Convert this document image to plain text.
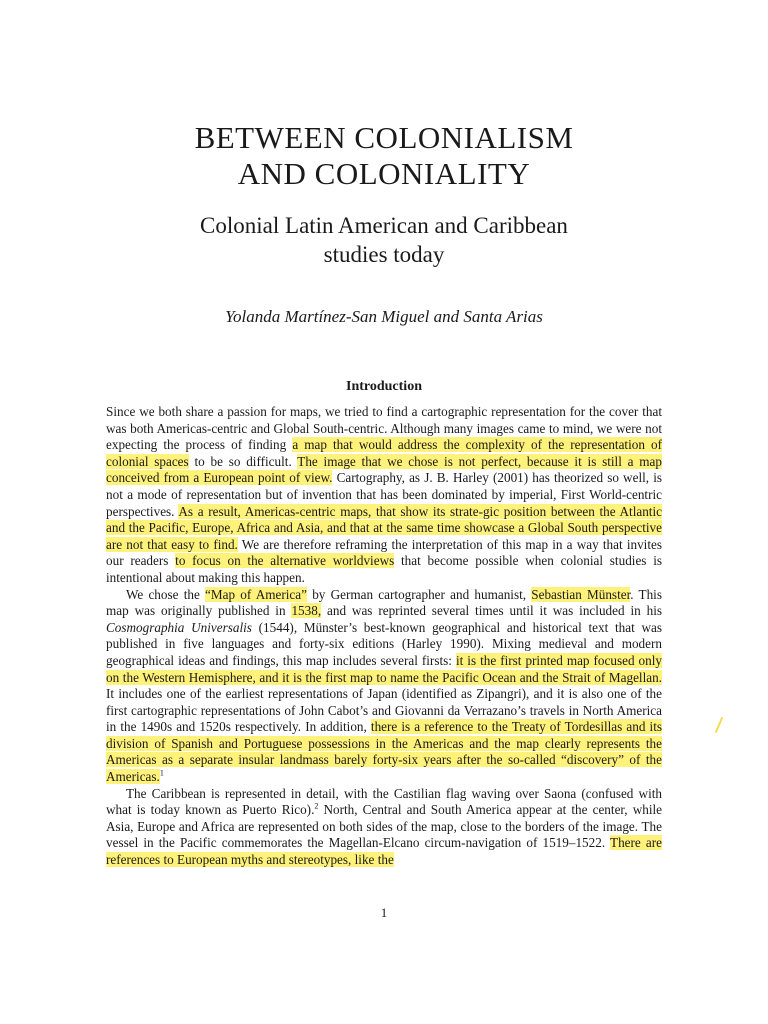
BETWEEN COLONIALISM
AND COLONIALITY
Colonial Latin American and Caribbean
studies today
Yolanda Martínez-San Miguel and Santa Arias
Introduction

Since we both share a passion for maps, we tried to find a cartographic representation for the cover that was both Americas-centric and Global South-centric. Although many images came to mind, we were not expecting the process of finding a map that would address the complexity of the representation of colonial spaces to be so difficult. The image that we chose is not perfect, because it is still a map conceived from a European point of view. Cartography, as J. B. Harley (2001) has theorized so well, is not a mode of representation but of invention that has been dominated by imperial, First World-centric perspectives. As a result, Americas-centric maps, that show its strate-gic position between the Atlantic and the Pacific, Europe, Africa and Asia, and that at the same time showcase a Global South perspective are not that easy to find. We are therefore reframing the interpretation of this map in a way that invites our readers to focus on the alternative worldviews that become possible when colonial studies is intentional about making this happen.

We chose the “Map of America” by German cartographer and humanist, Sebastian Münster. This map was originally published in 1538, and was reprinted several times until it was included in his Cosmographia Universalis (1544), Münster’s best-known geographical and historical text that was published in five languages and forty-six editions (Harley 1990). Mixing medieval and modern geographical ideas and findings, this map includes several firsts: it is the first printed map focused only on the Western Hemisphere, and it is the first map to name the Pacific Ocean and the Strait of Magellan. It includes one of the earliest representations of Japan (identified as Zipangri), and it is also one of the first cartographic representations of John Cabot’s and Giovanni da Verrazano’s travels in North America in the 1490s and 1520s respectively. In addition, there is a reference to the Treaty of Tordesillas and its division of Spanish and Portuguese possessions in the Americas and the map clearly represents the Americas as a separate insular landmass barely forty-six years after the so-called “discovery” of the Americas.$^1$

The Caribbean is represented in detail, with the Castilian flag waving over Saona (confused with what is today known as Puerto Rico).$^2$ North, Central and South America appear at the center, while Asia, Europe and Africa are represented on both sides of the map, close to the borders of the image. The vessel in the Pacific commemorates the Magellan-Elcano circum-navigation of 1519–1522. There are references to European myths and stereotypes, like the

1
